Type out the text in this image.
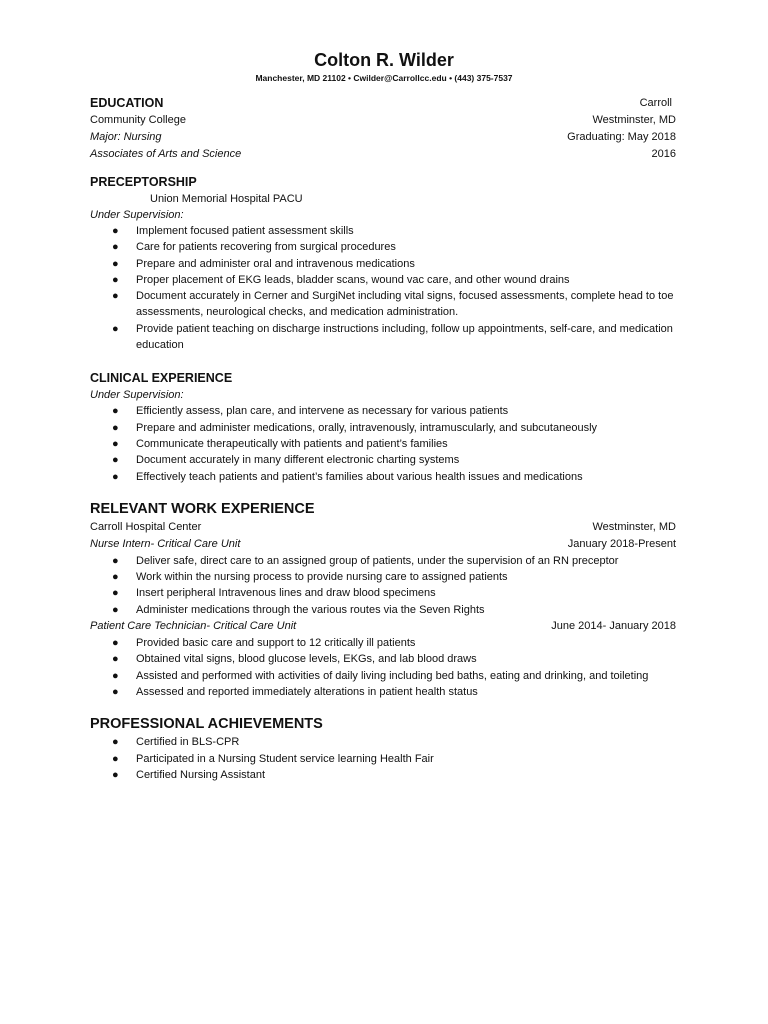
Colton R. Wilder
Manchester, MD 21102 • Cwilder@Carrollcc.edu • (443) 375-7537
EDUCATION	Carroll
Community College	Westminster, MD
Major: Nursing	Graduating: May 2018
Associates of Arts and Science	2016
PRECEPTORSHIP
Union Memorial Hospital PACU
Under Supervision:
● Implement focused patient assessment skills
● Care for patients recovering from surgical procedures
● Prepare and administer oral and intravenous medications
● Proper placement of EKG leads, bladder scans, wound vac care, and other wound drains
● Document accurately in Cerner and SurgiNet including vital signs, focused assessments, complete head to toe assessments, neurological checks, and medication administration.
● Provide patient teaching on discharge instructions including, follow up appointments, self-care, and medication education
CLINICAL EXPERIENCE
Under Supervision:
● Efficiently assess, plan care, and intervene as necessary for various patients
● Prepare and administer medications, orally, intravenously, intramuscularly, and subcutaneously
● Communicate therapeutically with patients and patient’s families
● Document accurately in many different electronic charting systems
● Effectively teach patients and patient’s families about various health issues and medications
RELEVANT WORK EXPERIENCE
Carroll Hospital Center	Westminster, MD
Nurse Intern- Critical Care Unit	January 2018-Present
● Deliver safe, direct care to an assigned group of patients, under the supervision of an RN preceptor
● Work within the nursing process to provide nursing care to assigned patients
● Insert peripheral Intravenous lines and draw blood specimens
● Administer medications through the various routes via the Seven Rights
Patient Care Technician- Critical Care Unit	June 2014- January 2018
● Provided basic care and support to 12 critically ill patients
● Obtained vital signs, blood glucose levels, EKGs, and lab blood draws
● Assisted and performed with activities of daily living including bed baths, eating and drinking, and toileting
● Assessed and reported immediately alterations in patient health status
PROFESSIONAL ACHIEVEMENTS
● Certified in BLS-CPR
● Participated in a Nursing Student service learning Health Fair
● Certified Nursing Assistant
